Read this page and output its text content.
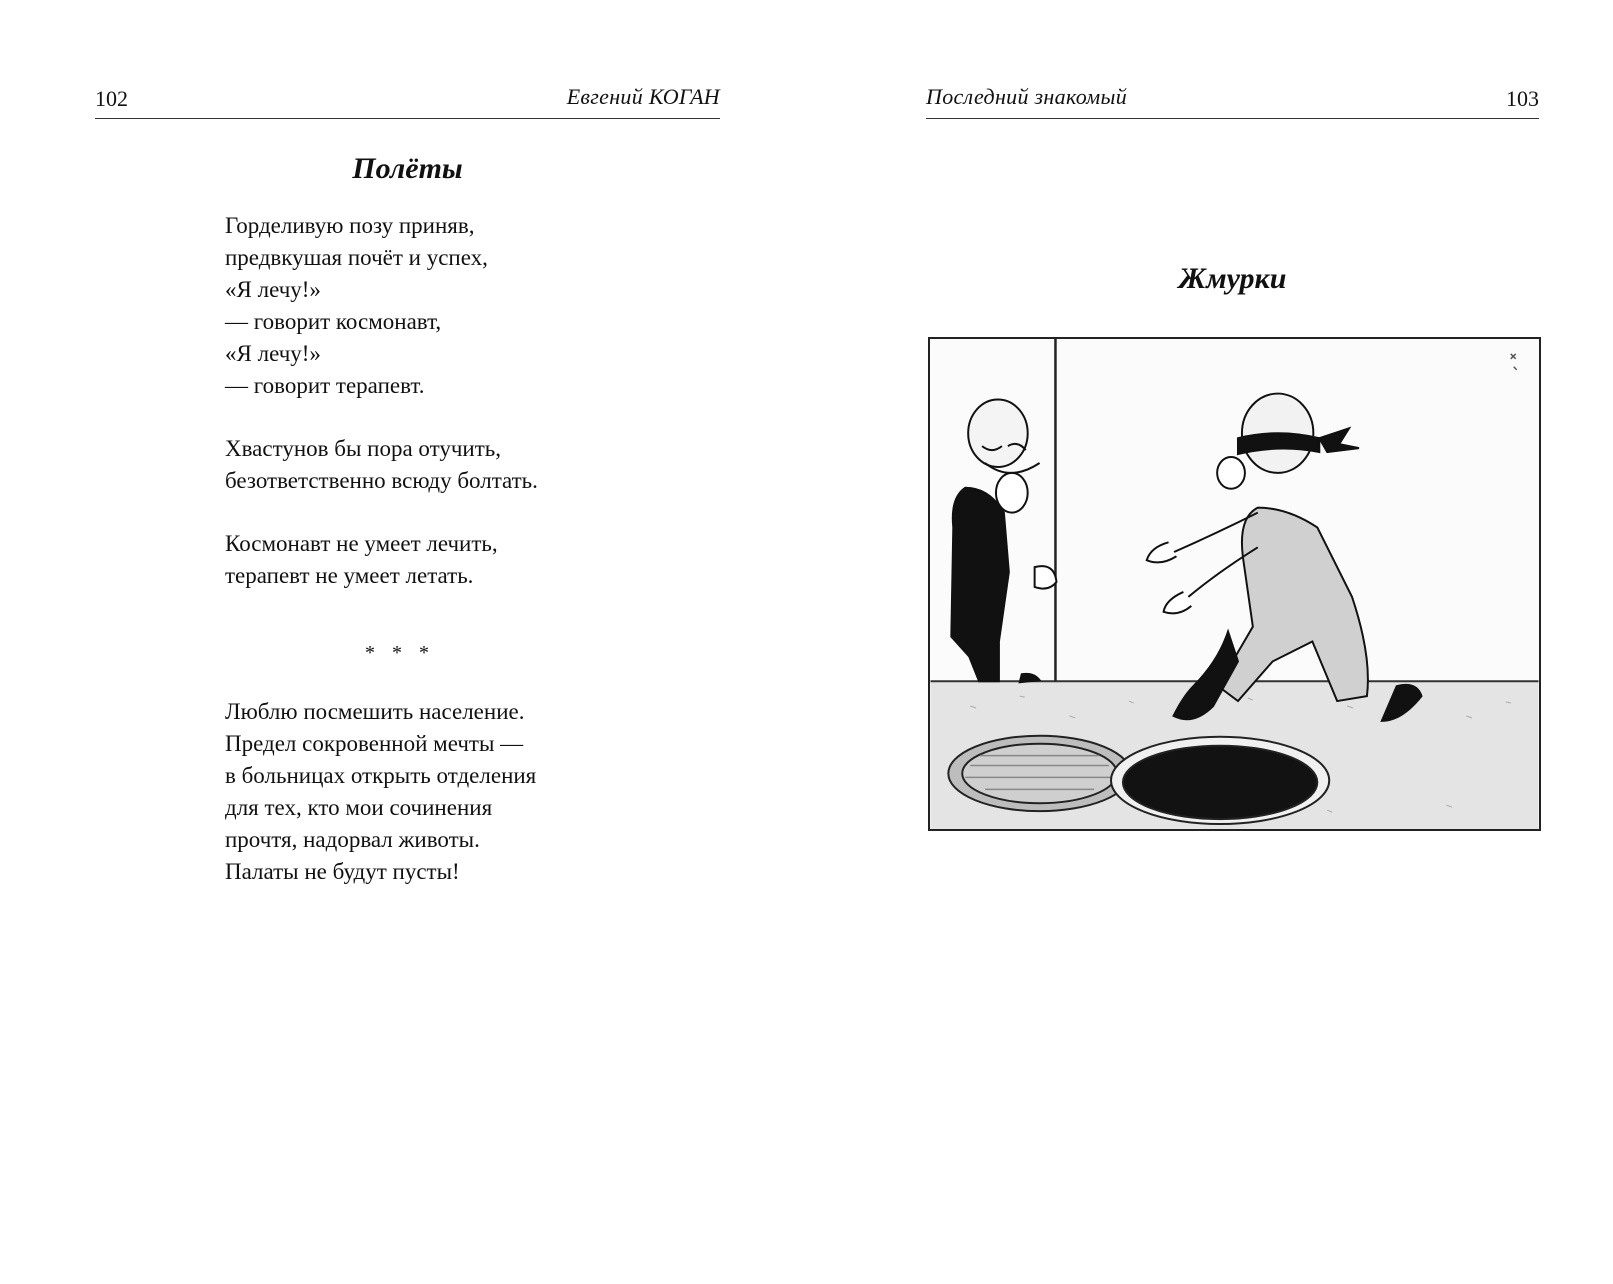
102	Евгений КОГАН
Полёты
Горделивую позу приняв,
предвкушая почёт и успех,
«Я лечу!»
— говорит космонавт,
«Я лечу!»
— говорит терапевт.
Хвастунов бы пора отучить,
безответственно всюду болтать.
Космонавт не умеет лечить,
терапевт не умеет летать.
* * *
Люблю посмешить население.
Предел сокровенной мечты —
в больницах открыть отделения
для тех, кто мои сочинения
прочтя, надорвал животы.
Палаты не будут пусты!
Последний знакомый	103
Жмурки
